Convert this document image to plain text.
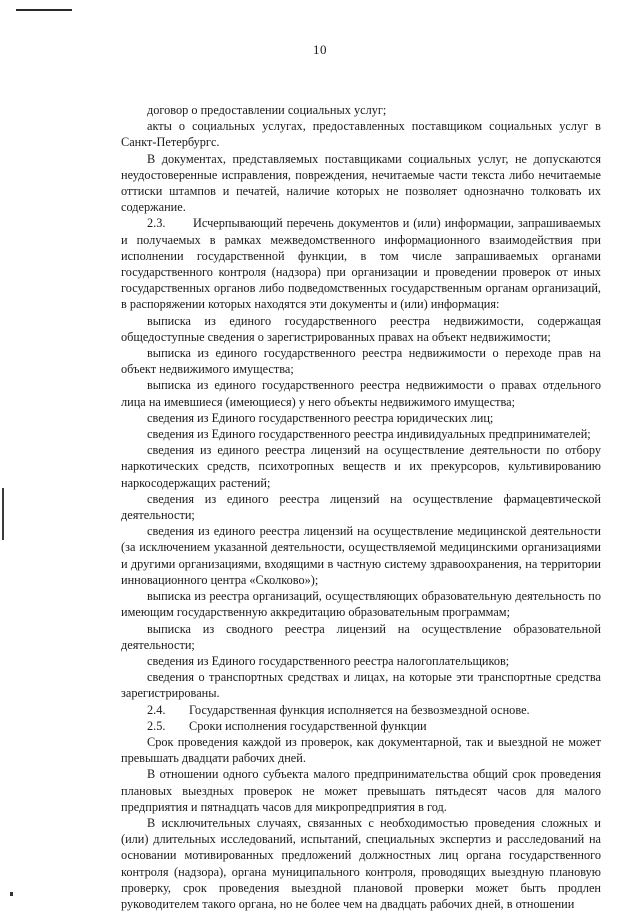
10

договор о предоставлении социальных услуг;

акты о социальных услугах, предоставленных поставщиком социальных услуг в Санкт-Петербургс.

В документах, представляемых поставщиками социальных услуг, не допускаются неудостоверенные исправления, повреждения, нечитаемые части текста либо нечитаемые оттиски штампов и печатей, наличие которых не позволяет однозначно толковать их содержание.

2.3. Исчерпывающий перечень документов и (или) информации, запрашиваемых и получаемых в рамках межведомственного информационного взаимодействия при исполнении государственной функции, в том числе запрашиваемых органами государственного контроля (надзора) при организации и проведении проверок от иных государственных органов либо подведомственных государственным органам организаций, в распоряжении которых находятся эти документы и (или) информация:

выписка из единого государственного реестра недвижимости, содержащая общедоступные сведения о зарегистрированных правах на объект недвижимости;

выписка из единого государственного реестра недвижимости о переходе прав на объект недвижимого имущества;

выписка из единого государственного реестра недвижимости о правах отдельного лица на имевшиеся (имеющиеся) у него объекты недвижимого имущества;

сведения из Единого государственного реестра юридических лиц;

сведения из Единого государственного реестра индивидуальных предпринимателей;

сведения из единого реестра лицензий на осуществление деятельности по отбору наркотических средств, психотропных веществ и их прекурсоров, культивированию наркосодержащих растений;

сведения из единого реестра лицензий на осуществление фармацевтической деятельности;

сведения из единого реестра лицензий на осуществление медицинской деятельности (за исключением указанной деятельности, осуществляемой медицинскими организациями и другими организациями, входящими в частную систему здравоохранения, на территории инновационного центра «Сколково»);

выписка из реестра организаций, осуществляющих образовательную деятельность по имеющим государственную аккредитацию образовательным программам;

выписка из сводного реестра лицензий на осуществление образовательной деятельности;

сведения из Единого государственного реестра налогоплательщиков;

сведения о транспортных средствах и лицах, на которые эти транспортные средства зарегистрированы.

2.4.	Государственная функция исполняется на безвозмездной основе.
2.5.	Сроки исполнения государственной функции

Срок проведения каждой из проверок, как документарной, так и выездной не может превышать двадцати рабочих дней.

В отношении одного субъекта малого предпринимательства общий срок проведения плановых выездных проверок не может превышать пятьдесят часов для малого предприятия и пятнадцать часов для микропредприятия в год.

В исключительных случаях, связанных с необходимостью проведения сложных и (или) длительных исследований, испытаний, специальных экспертиз и расследований на основании мотивированных предложений должностных лиц органа государственного контроля (надзора), органа муниципального контроля, проводящих выездную плановую проверку, срок проведения выездной плановой проверки может быть продлен руководителем такого органа, но не более чем на двадцать рабочих дней, в отношении
